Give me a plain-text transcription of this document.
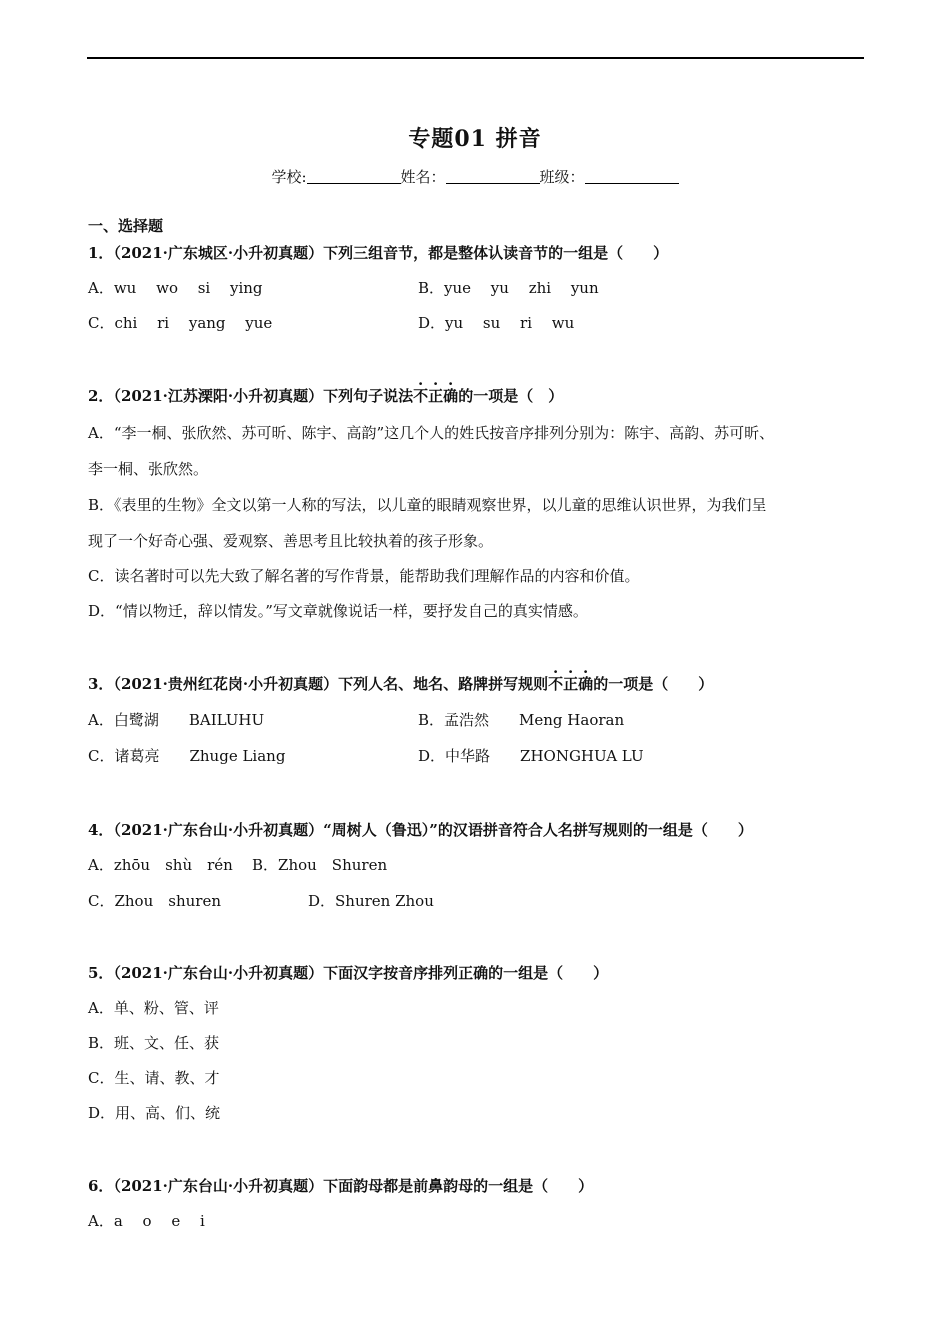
专题01 拼音
学校:	姓名：	班级：
一、选择题
1．（2021·广东城区·小升初真题）下列三组音节，都是整体认读音节的一组是（　　）
A．wu　 wo　 si　 ying	B．yue　 yu　 zhi　 yun
C．chi　 ri　 yang　 yue	D．yu　 su　 ri　 wu
2．（2021·江苏溧阳·小升初真题）下列句子说法不正确的一项是（　）
A．“李一桐、张欣然、苏可昕、陈宇、高韵”这几个人的姓氏按音序排列分别为：陈宇、高韵、苏可昕、
李一桐、张欣然。
B．《表里的生物》全文以第一人称的写法，以儿童的眼睛观察世界，以儿童的思维认识世界，为我们呈
现了一个好奇心强、爱观察、善思考且比较执着的孩子形象。
C．读名著时可以先大致了解名著的写作背景，能帮助我们理解作品的内容和价值。
D．“情以物迁，辞以情发。”写文章就像说话一样，要抒发自己的真实情感。
3．（2021·贵州红花岗·小升初真题）下列人名、地名、路牌拼写规则不正确的一项是（　　）
A．白鹭湖　　BAILUHU	B．孟浩然　　Meng Haoran
C．诸葛亮　　Zhuge Liang	D．中华路　　ZHONGHUA LU
4．（2021·广东台山·小升初真题）“周树人（鲁迅）”的汉语拼音符合人名拼写规则的一组是（　　）
A．zhōu　shù　rén B．Zhou　Shuren
C．Zhou　shuren	D．Shuren Zhou
5．（2021·广东台山·小升初真题）下面汉字按音序排列正确的一组是（　　）
A．单、粉、管、评
B．班、文、任、获
C．生、请、教、才
D．用、高、们、统
6．（2021·广东台山·小升初真题）下面韵母都是前鼻韵母的一组是（　　）
A．a　 o　 e　 i
